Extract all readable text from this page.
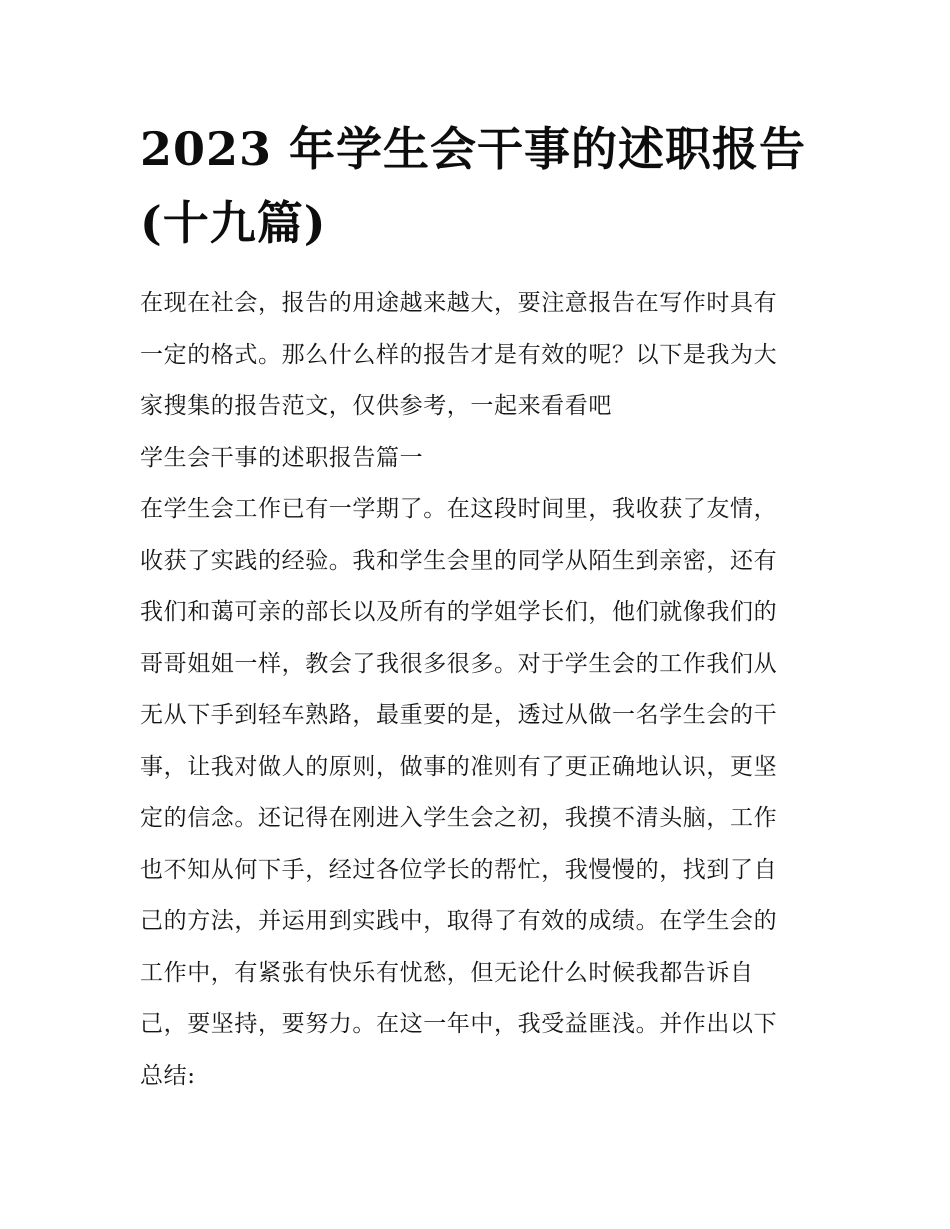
2023 年学生会干事的述职报告
(十九篇)
在现在社会，报告的用途越来越大，要注意报告在写作时具有
一定的格式。那么什么样的报告才是有效的呢？以下是我为大
家搜集的报告范文，仅供参考，一起来看看吧
学生会干事的述职报告篇一
在学生会工作已有一学期了。在这段时间里，我收获了友情，
收获了实践的经验。我和学生会里的同学从陌生到亲密，还有
我们和蔼可亲的部长以及所有的学姐学长们，他们就像我们的
哥哥姐姐一样，教会了我很多很多。对于学生会的工作我们从
无从下手到轻车熟路，最重要的是，透过从做一名学生会的干
事，让我对做人的原则，做事的准则有了更正确地认识，更坚
定的信念。还记得在刚进入学生会之初，我摸不清头脑，工作
也不知从何下手，经过各位学长的帮忙，我慢慢的，找到了自
己的方法，并运用到实践中，取得了有效的成绩。在学生会的
工作中，有紧张有快乐有忧愁，但无论什么时候我都告诉自
己，要坚持，要努力。在这一年中，我受益匪浅。并作出以下
总结:
